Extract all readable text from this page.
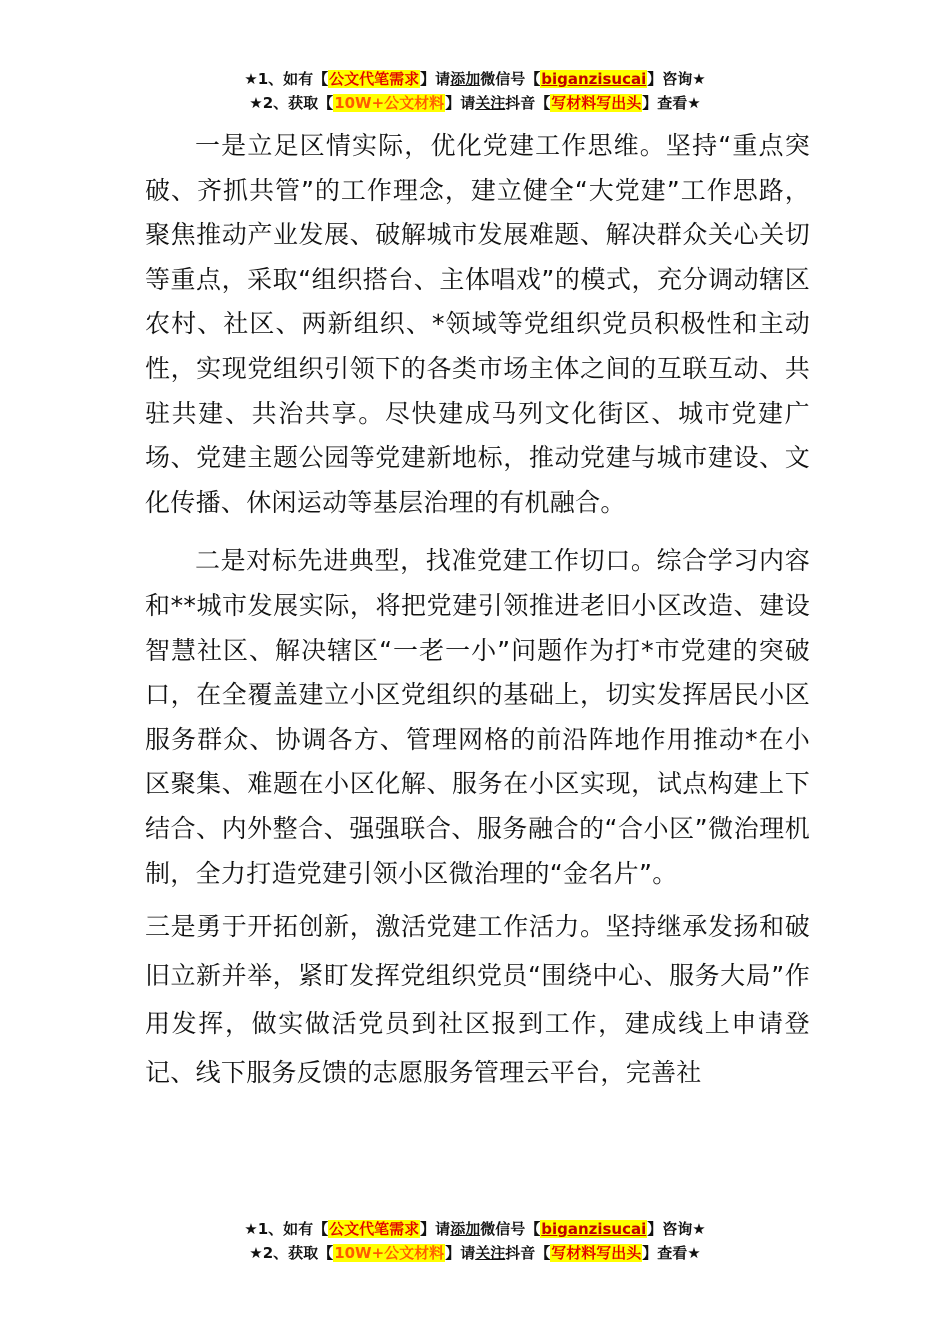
★1、如有【公文代笔需求】请添加微信号【biganzisucai】咨询★
★2、获取【10W+公文材料】请关注抖音【写材料写出头】查看★

一是立足区情实际，优化党建工作思维。坚持“重点突破、齐抓共管”的工作理念，建立健全“大党建”工作思路，聚焦推动产业发展、破解城市发展难题、解决群众关心关切等重点，采取“组织搭台、主体唱戏”的模式，充分调动辖区农村、社区、两新组织、*领域等党组织党员积极性和主动性，实现党组织引领下的各类市场主体之间的互联互动、共驻共建、共治共享。尽快建成马列文化街区、城市党建广场、党建主题公园等党建新地标，推动党建与城市建设、文化传播、休闲运动等基层治理的有机融合。

二是对标先进典型，找准党建工作切口。综合学习内容和**城市发展实际，将把党建引领推进老旧小区改造、建设智慧社区、解决辖区“一老一小”问题作为打*市党建的突破口，在全覆盖建立小区党组织的基础上，切实发挥居民小区服务群众、协调各方、管理网格的前沿阵地作用推动*在小区聚集、难题在小区化解、服务在小区实现，试点构建上下结合、内外整合、强强联合、服务融合的“合小区”微治理机制，全力打造党建引领小区微治理的“金名片”。

三是勇于开拓创新，激活党建工作活力。坚持继承发扬和破旧立新并举，紧盯发挥党组织党员“围绕中心、服务大局”作用发挥，做实做活党员到社区报到工作，建成线上申请登记、线下服务反馈的志愿服务管理云平台，完善社

★1、如有【公文代笔需求】请添加微信号【biganzisucai】咨询★
★2、获取【10W+公文材料】请关注抖音【写材料写出头】查看★
